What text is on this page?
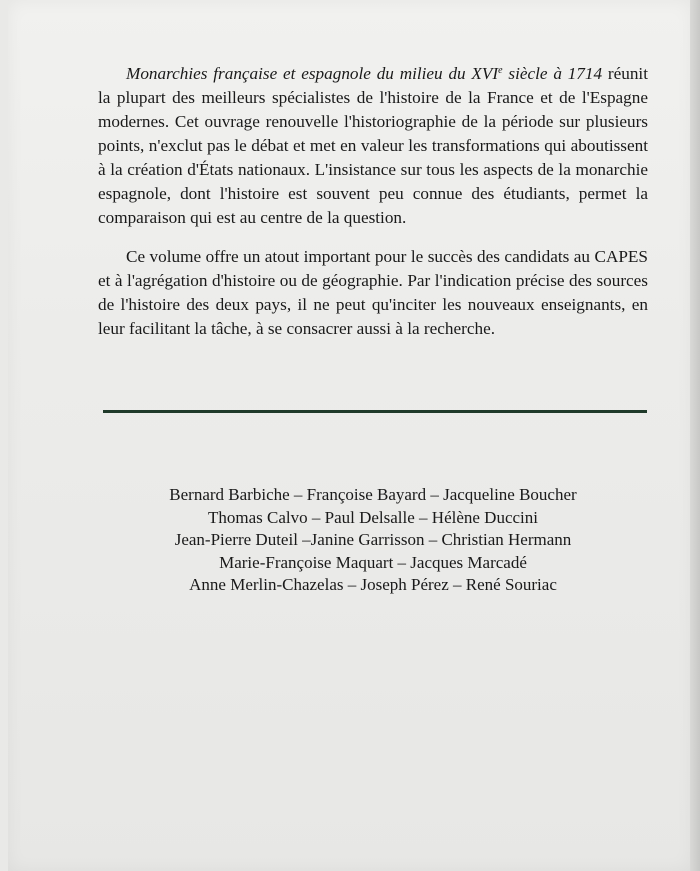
Monarchies française et espagnole du milieu du XVIe siècle à 1714 réunit la plupart des meilleurs spécialistes de l'histoire de la France et de l'Espagne modernes. Cet ouvrage renouvelle l'historiographie de la période sur plusieurs points, n'exclut pas le débat et met en valeur les transformations qui aboutissent à la création d'États nationaux. L'insistance sur tous les aspects de la monarchie espagnole, dont l'histoire est souvent peu connue des étudiants, permet la comparaison qui est au centre de la question.

Ce volume offre un atout important pour le succès des candidats au CAPES et à l'agrégation d'histoire ou de géographie. Par l'indication précise des sources de l'histoire des deux pays, il ne peut qu'inciter les nouveaux enseignants, en leur facilitant la tâche, à se consacrer aussi à la recherche.

Bernard Barbiche – Françoise Bayard – Jacqueline Boucher
Thomas Calvo – Paul Delsalle – Hélène Duccini
Jean-Pierre Duteil –Janine Garrisson – Christian Hermann
Marie-Françoise Maquart – Jacques Marcadé
Anne Merlin-Chazelas – Joseph Pérez – René Souriac
